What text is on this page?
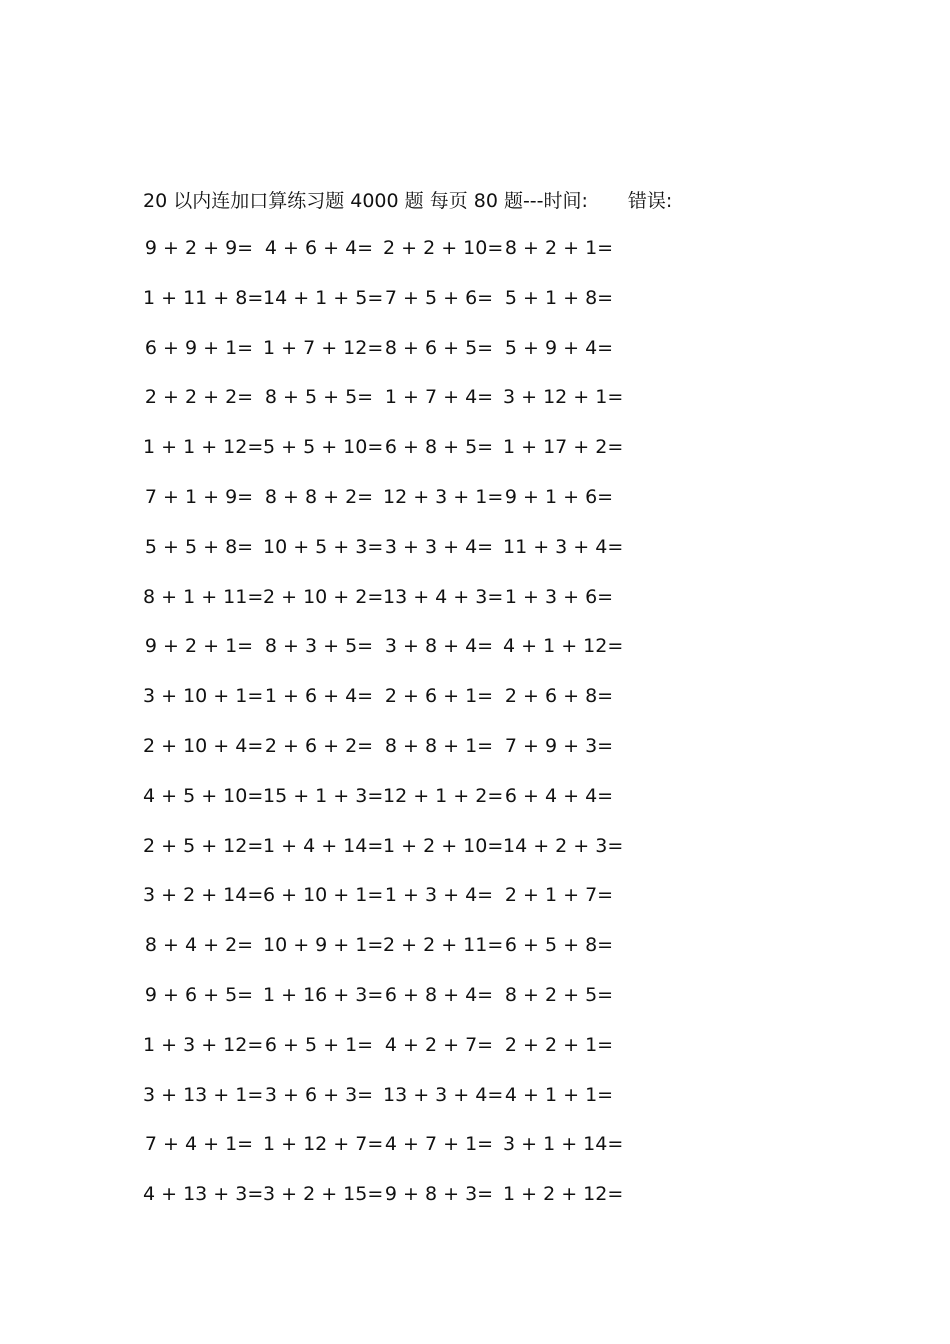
20 以内连加口算练习题 4000 题 每页 80 题---时间: 错误:
9 + 2 + 9= 4 + 6 + 4= 2 + 2 + 10= 8 + 2 + 1=
1 + 11 + 8= 14 + 1 + 5= 7 + 5 + 6= 5 + 1 + 8=
6 + 9 + 1= 1 + 7 + 12= 8 + 6 + 5= 5 + 9 + 4=
2 + 2 + 2= 8 + 5 + 5= 1 + 7 + 4= 3 + 12 + 1=
1 + 1 + 12= 5 + 5 + 10= 6 + 8 + 5= 1 + 17 + 2=
7 + 1 + 9= 8 + 8 + 2= 12 + 3 + 1= 9 + 1 + 6=
5 + 5 + 8= 10 + 5 + 3= 3 + 3 + 4= 11 + 3 + 4=
8 + 1 + 11= 2 + 10 + 2= 13 + 4 + 3= 1 + 3 + 6=
9 + 2 + 1= 8 + 3 + 5= 3 + 8 + 4= 4 + 1 + 12=
3 + 10 + 1= 1 + 6 + 4= 2 + 6 + 1= 2 + 6 + 8=
2 + 10 + 4= 2 + 6 + 2= 8 + 8 + 1= 7 + 9 + 3=
4 + 5 + 10= 15 + 1 + 3= 12 + 1 + 2= 6 + 4 + 4=
2 + 5 + 12= 1 + 4 + 14= 1 + 2 + 10= 14 + 2 + 3=
3 + 2 + 14= 6 + 10 + 1= 1 + 3 + 4= 2 + 1 + 7=
8 + 4 + 2= 10 + 9 + 1= 2 + 2 + 11= 6 + 5 + 8=
9 + 6 + 5= 1 + 16 + 3= 6 + 8 + 4= 8 + 2 + 5=
1 + 3 + 12= 6 + 5 + 1= 4 + 2 + 7= 2 + 2 + 1=
3 + 13 + 1= 3 + 6 + 3= 13 + 3 + 4= 4 + 1 + 1=
7 + 4 + 1= 1 + 12 + 7= 4 + 7 + 1= 3 + 1 + 14=
4 + 13 + 3= 3 + 2 + 15= 9 + 8 + 3= 1 + 2 + 12=
